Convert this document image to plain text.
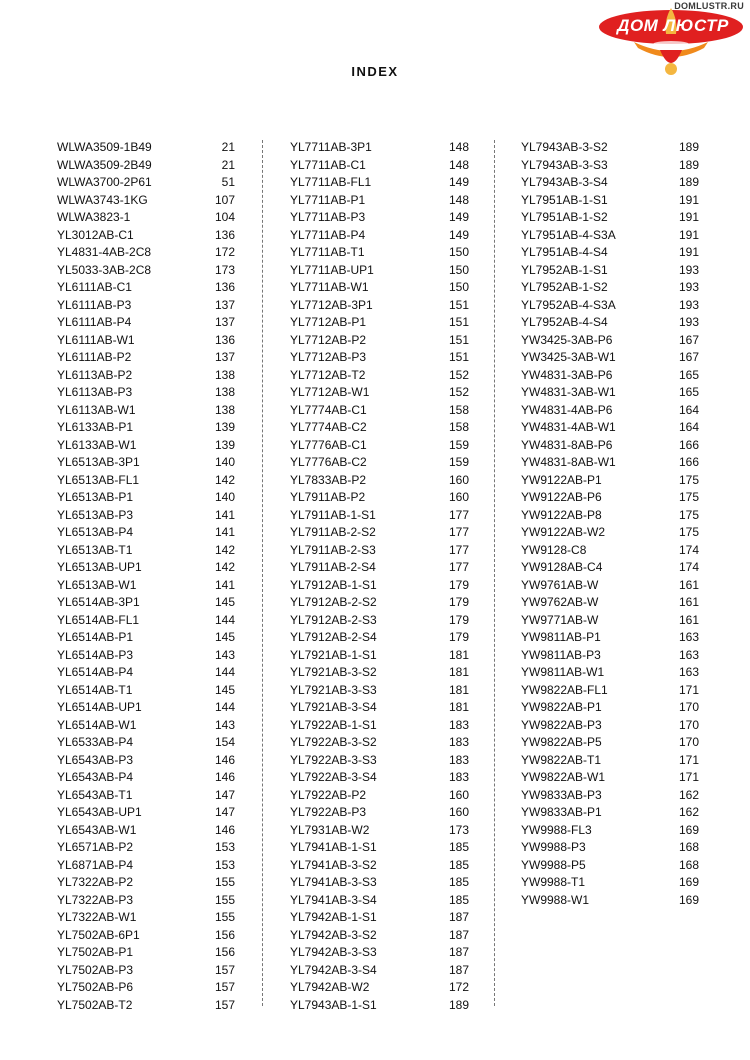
DOMLUSTR.RU
ДОМ ЛЮСТР
INDEX
WLWA3509-1B49	21
WLWA3509-2B49	21
WLWA3700-2P61	51
WLWA3743-1KG	107
WLWA3823-1	104
YL3012AB-C1	136
YL4831-4AB-2C8	172
YL5033-3AB-2C8	173
YL6111AB-C1	136
YL6111AB-P3	137
YL6111AB-P4	137
YL6111AB-W1	136
YL6111AB-P2	137
YL6113AB-P2	138
YL6113AB-P3	138
YL6113AB-W1	138
YL6133AB-P1	139
YL6133AB-W1	139
YL6513AB-3P1	140
YL6513AB-FL1	142
YL6513AB-P1	140
YL6513AB-P3	141
YL6513AB-P4	141
YL6513AB-T1	142
YL6513AB-UP1	142
YL6513AB-W1	141
YL6514AB-3P1	145
YL6514AB-FL1	144
YL6514AB-P1	145
YL6514AB-P3	143
YL6514AB-P4	144
YL6514AB-T1	145
YL6514AB-UP1	144
YL6514AB-W1	143
YL6533AB-P4	154
YL6543AB-P3	146
YL6543AB-P4	146
YL6543AB-T1	147
YL6543AB-UP1	147
YL6543AB-W1	146
YL6571AB-P2	153
YL6871AB-P4	153
YL7322AB-P2	155
YL7322AB-P3	155
YL7322AB-W1	155
YL7502AB-6P1	156
YL7502AB-P1	156
YL7502AB-P3	157
YL7502AB-P6	157
YL7502AB-T2	157
YL7711AB-3P1	148
YL7711AB-C1	148
YL7711AB-FL1	149
YL7711AB-P1	148
YL7711AB-P3	149
YL7711AB-P4	149
YL7711AB-T1	150
YL7711AB-UP1	150
YL7711AB-W1	150
YL7712AB-3P1	151
YL7712AB-P1	151
YL7712AB-P2	151
YL7712AB-P3	151
YL7712AB-T2	152
YL7712AB-W1	152
YL7774AB-C1	158
YL7774AB-C2	158
YL7776AB-C1	159
YL7776AB-C2	159
YL7833AB-P2	160
YL7911AB-P2	160
YL7911AB-1-S1	177
YL7911AB-2-S2	177
YL7911AB-2-S3	177
YL7911AB-2-S4	177
YL7912AB-1-S1	179
YL7912AB-2-S2	179
YL7912AB-2-S3	179
YL7912AB-2-S4	179
YL7921AB-1-S1	181
YL7921AB-3-S2	181
YL7921AB-3-S3	181
YL7921AB-3-S4	181
YL7922AB-1-S1	183
YL7922AB-3-S2	183
YL7922AB-3-S3	183
YL7922AB-3-S4	183
YL7922AB-P2	160
YL7922AB-P3	160
YL7931AB-W2	173
YL7941AB-1-S1	185
YL7941AB-3-S2	185
YL7941AB-3-S3	185
YL7941AB-3-S4	185
YL7942AB-1-S1	187
YL7942AB-3-S2	187
YL7942AB-3-S3	187
YL7942AB-3-S4	187
YL7942AB-W2	172
YL7943AB-1-S1	189
YL7943AB-3-S2	189
YL7943AB-3-S3	189
YL7943AB-3-S4	189
YL7951AB-1-S1	191
YL7951AB-1-S2	191
YL7951AB-4-S3A	191
YL7951AB-4-S4	191
YL7952AB-1-S1	193
YL7952AB-1-S2	193
YL7952AB-4-S3A	193
YL7952AB-4-S4	193
YW3425-3AB-P6	167
YW3425-3AB-W1	167
YW4831-3AB-P6	165
YW4831-3AB-W1	165
YW4831-4AB-P6	164
YW4831-4AB-W1	164
YW4831-8AB-P6	166
YW4831-8AB-W1	166
YW9122AB-P1	175
YW9122AB-P6	175
YW9122AB-P8	175
YW9122AB-W2	175
YW9128-C8	174
YW9128AB-C4	174
YW9761AB-W	161
YW9762AB-W	161
YW9771AB-W	161
YW9811AB-P1	163
YW9811AB-P3	163
YW9811AB-W1	163
YW9822AB-FL1	171
YW9822AB-P1	170
YW9822AB-P3	170
YW9822AB-P5	170
YW9822AB-T1	171
YW9822AB-W1	171
YW9833AB-P3	162
YW9833AB-P1	162
YW9988-FL3	169
YW9988-P3	168
YW9988-P5	168
YW9988-T1	169
YW9988-W1	169
